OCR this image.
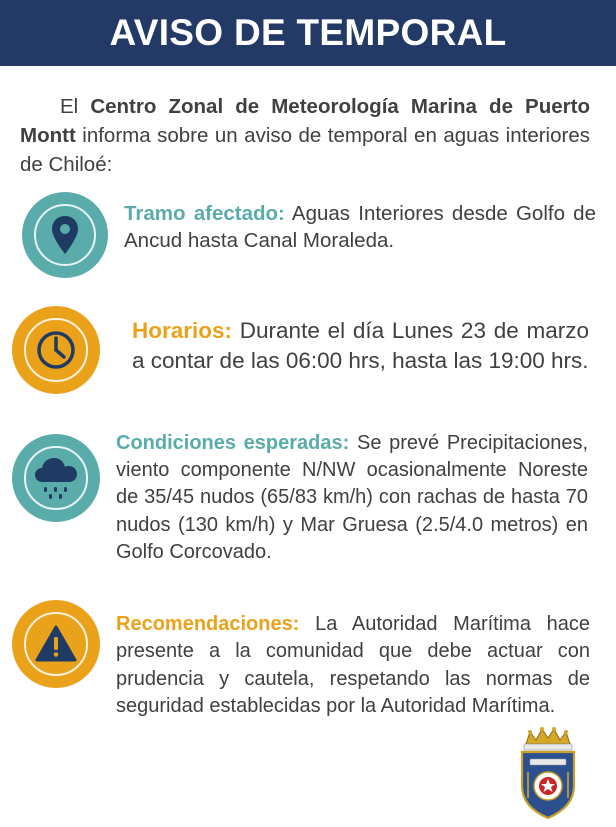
AVISO DE TEMPORAL

El Centro Zonal de Meteorología Marina de Puerto Montt informa sobre un aviso de temporal en aguas interiores de Chiloé:

Tramo afectado: Aguas Interiores desde Golfo de Ancud hasta Canal Moraleda.
Horarios: Durante el día Lunes 23 de marzo a contar de las 06:00 hrs, hasta las 19:00 hrs.
Condiciones esperadas: Se prevé Precipitaciones, viento componente N/NW ocasionalmente Noreste de 35/45 nudos (65/83 km/h) con rachas de hasta 70 nudos (130 km/h) y Mar Gruesa (2.5/4.0 metros) en Golfo Corcovado.
Recomendaciones: La Autoridad Marítima hace presente a la comunidad que debe actuar con prudencia y cautela, respetando las normas de seguridad establecidas por la Autoridad Marítima.
